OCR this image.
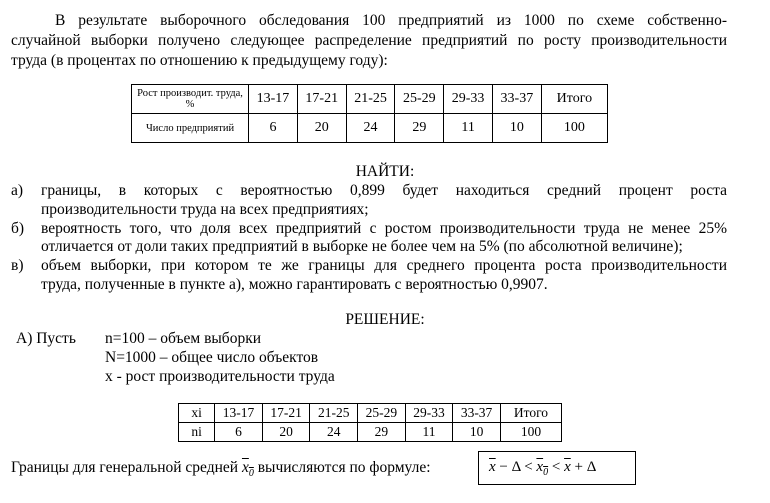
В результате выборочного обследования 100 предприятий из 1000 по схеме собственно-
случайной выборки получено следующее распределение предприятий по росту производительности
труда (в процентах по отношению к предыдущему году):
Рост производит. труда, %	13-17	17-21	21-25	25-29	29-33	33-37	Итого
Число предприятий	6	20	24	29	11	10	100
НАЙТИ:
а) границы, в которых с вероятностью 0,899 будет находиться средний процент роста
производительности труда на всех предприятиях;
б) вероятность того, что доля всех предприятий с ростом производительности труда не менее 25%
отличается от доли таких предприятий в выборке не более чем на 5% (по абсолютной величине);
в) объем выборки, при котором те же границы для среднего процента роста производительности
труда, полученные в пункте а), можно гарантировать с вероятностью 0,9907.
РЕШЕНИЕ:
А) Пусть n=100 – объем выборки
N=1000 – общее число объектов
x - рост производительности труда
xi	13-17	17-21	21-25	25-29	29-33	33-37	Итого
ni	6	20	24	29	11	10	100
Границы для генеральной средней $x_0$ вычисляются по формуле:	$\overline{x} - \Delta < x_0 < \overline{x} + \Delta$
